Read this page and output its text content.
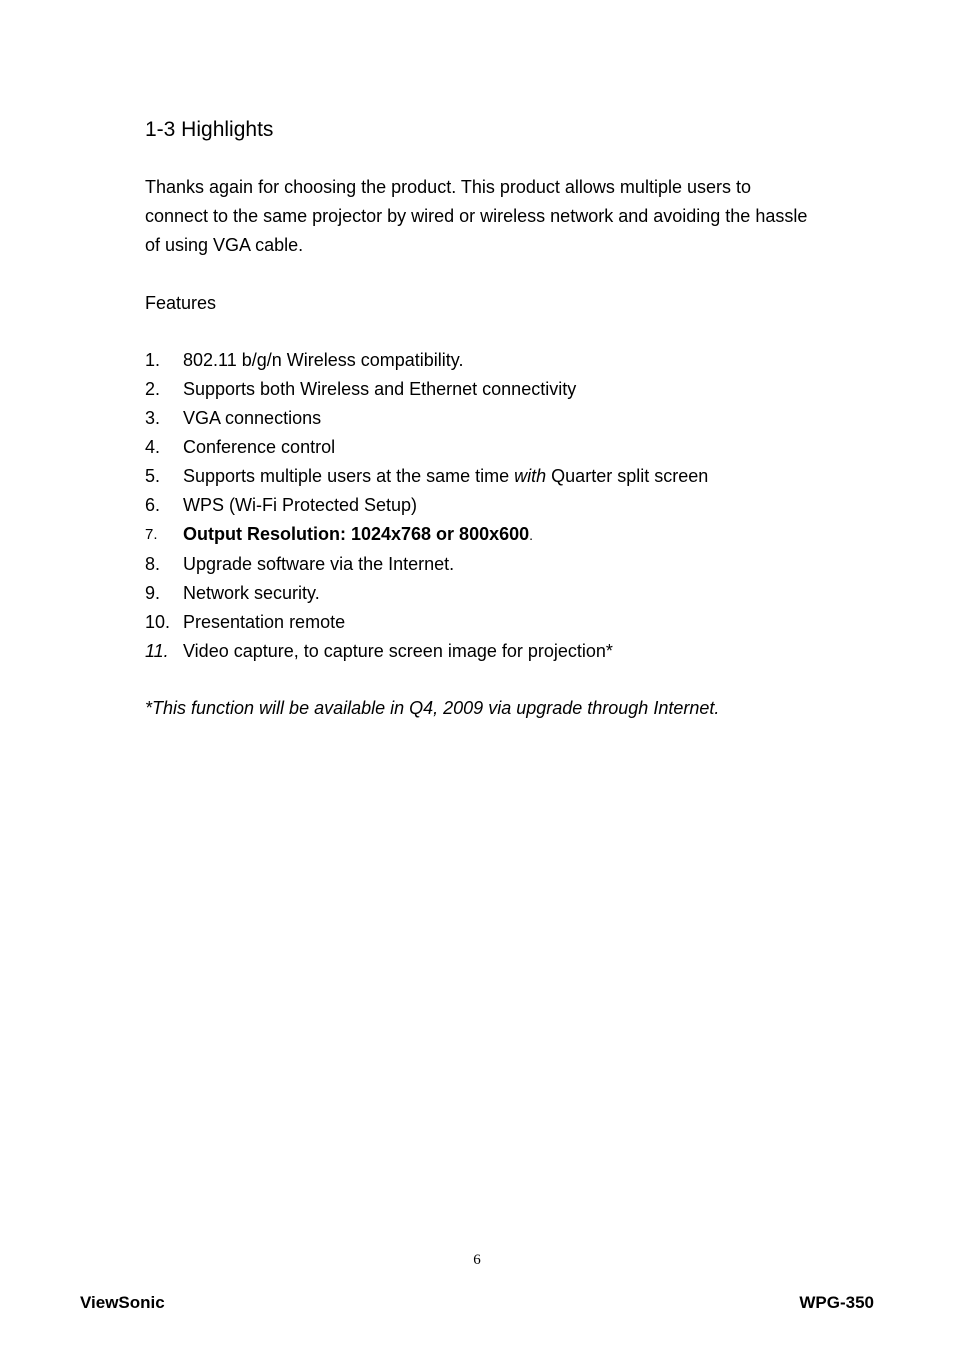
1-3 Highlights

Thanks again for choosing the product. This product allows multiple users to connect to the same projector by wired or wireless network and avoiding the hassle of using VGA cable.

Features

1. 802.11 b/g/n Wireless compatibility.
2. Supports both Wireless and Ethernet connectivity
3. VGA connections
4. Conference control
5. Supports multiple users at the same time with Quarter split screen
6. WPS (Wi-Fi Protected Setup)
7. Output Resolution: 1024x768 or 800x600.
8. Upgrade software via the Internet.
9. Network security.
10. Presentation remote
11. Video capture, to capture screen image for projection*

*This function will be available in Q4, 2009 via upgrade through Internet.

6
ViewSonic	WPG-350
